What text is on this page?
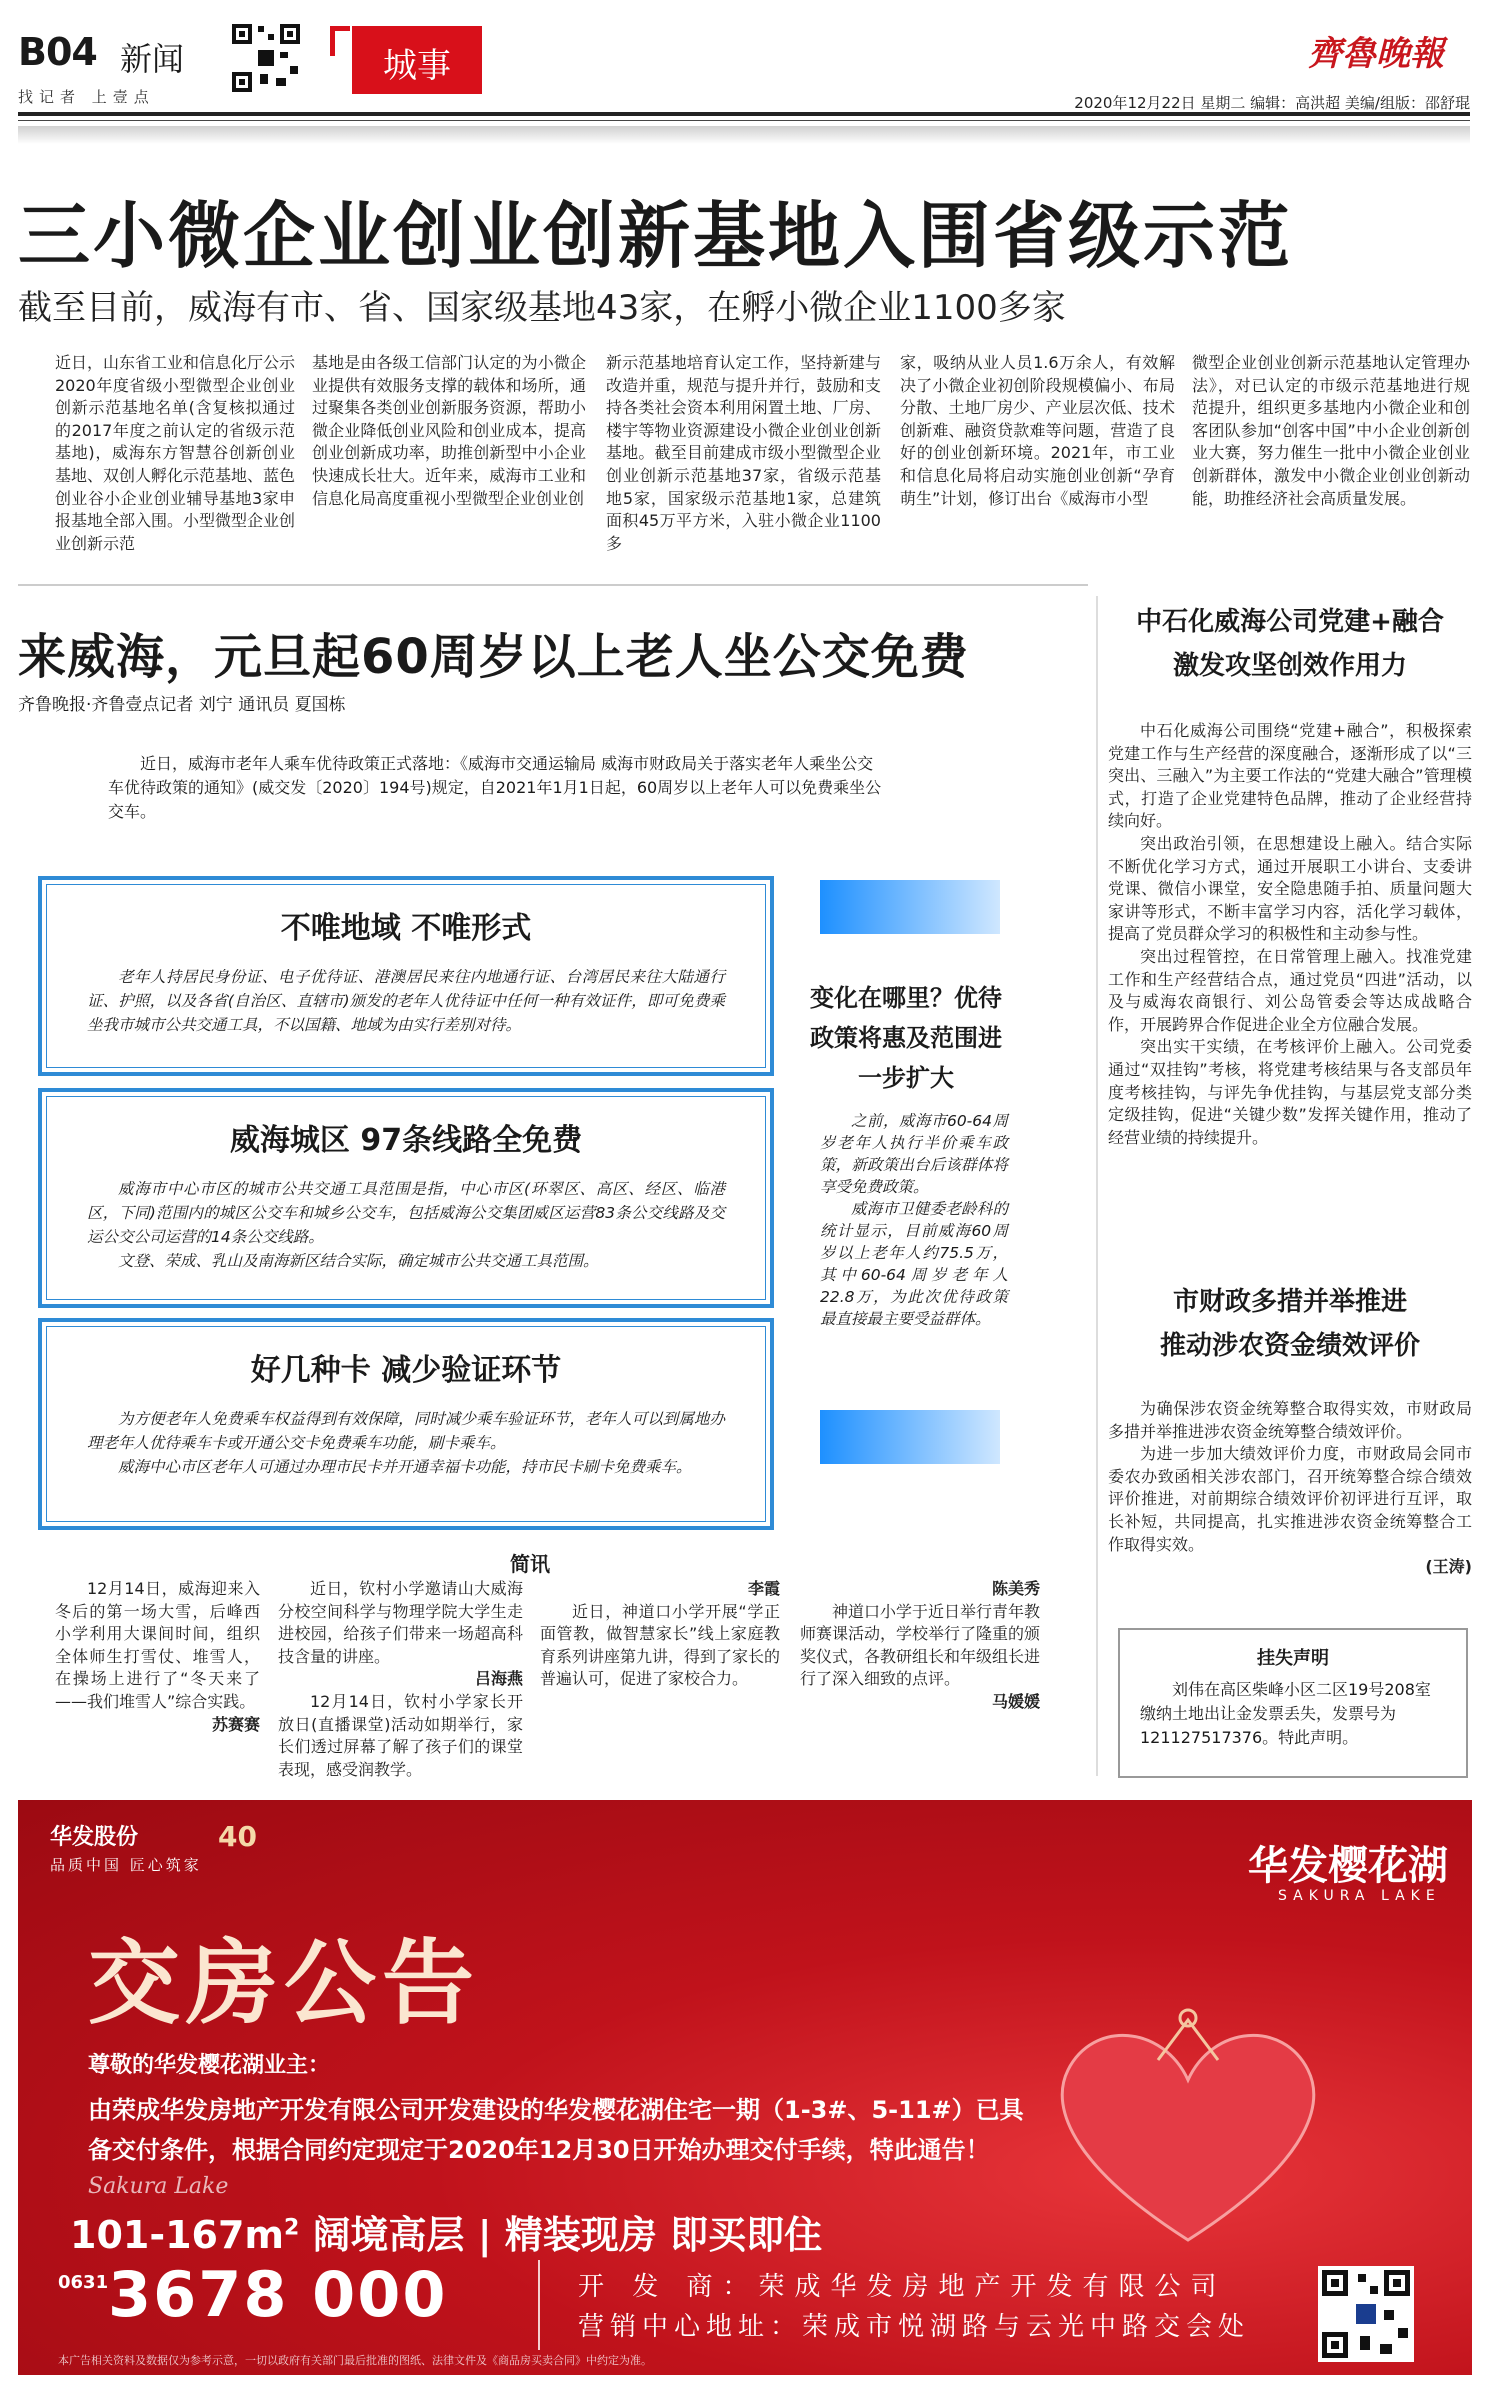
B04 新闻
找记者 上壹点
城事	齊魯晚報
2020年12月22日 星期二 编辑：高洪超 美编/组版：邵舒琨
三小微企业创业创新基地入围省级示范
截至目前，威海有市、省、国家级基地43家，在孵小微企业1100多家
近日，山东省工业和信息化厅公示2020年度省级小型微型企业创业创新示范基地名单(含复核拟通过的2017年度之前认定的省级示范基地)，威海东方智慧谷创新创业基地、双创人孵化示范基地、蓝色创业谷小企业创业辅导基地3家申报基地全部入围。小型微型企业创业创新示范
基地是由各级工信部门认定的为小微企业提供有效服务支撑的载体和场所，通过聚集各类创业创新服务资源，帮助小微企业降低创业风险和创业成本，提高创业创新成功率，助推创新型中小企业快速成长壮大。近年来，威海市工业和信息化局高度重视小型微型企业创业创
新示范基地培育认定工作，坚持新建与改造并重，规范与提升并行，鼓励和支持各类社会资本利用闲置土地、厂房、楼宇等物业资源建设小微企业创业创新基地。截至目前建成市级小型微型企业创业创新示范基地37家，省级示范基地5家，国家级示范基地1家，总建筑面积45万平方米，入驻小微企业1100多
家，吸纳从业人员1.6万余人，有效解决了小微企业初创阶段规模偏小、布局分散、土地厂房少、产业层次低、技术创新难、融资贷款难等问题，营造了良好的创业创新环境。2021年，市工业和信息化局将启动实施创业创新“孕育萌生”计划，修订出台《威海市小型
微型企业创业创新示范基地认定管理办法》，对已认定的市级示范基地进行规范提升，组织更多基地内小微企业和创客团队参加“创客中国”中小企业创新创业大赛，努力催生一批中小微企业创业创新群体，激发中小微企业创业创新动能，助推经济社会高质量发展。
来威海，元旦起60周岁以上老人坐公交免费
齐鲁晚报·齐鲁壹点记者 刘宁 通讯员 夏国栋
近日，威海市老年人乘车优待政策正式落地：《威海市交通运输局 威海市财政局关于落实老年人乘坐公交车优待政策的通知》(威交发〔2020〕194号)规定，自2021年1月1日起，60周岁以上老年人可以免费乘坐公交车。
不唯地域 不唯形式

老年人持居民身份证、电子优待证、港澳居民来往内地通行证、台湾居民来往大陆通行证、护照，以及各省(自治区、直辖市)颁发的老年人优待证中任何一种有效证件，即可免费乘坐我市城市公共交通工具，不以国籍、地域为由实行差别对待。

威海城区 97条线路全免费

威海市中心市区的城市公共交通工具范围是指，中心市区(环翠区、高区、经区、临港区，下同)范围内的城区公交车和城乡公交车，包括威海公交集团威区运营83条公交线路及交运公交公司运营的14条公交线路。

文登、荣成、乳山及南海新区结合实际，确定城市公共交通工具范围。

好几种卡 减少验证环节

为方便老年人免费乘车权益得到有效保障，同时减少乘车验证环节，老年人可以到属地办理老年人优待乘车卡或开通公交卡免费乘车功能，刷卡乘车。

威海中心市区老年人可通过办理市民卡并开通幸福卡功能，持市民卡刷卡免费乘车。

变化在哪里？优待政策将惠及范围进一步扩大

之前，威海市60-64周岁老年人执行半价乘车政策，新政策出台后该群体将享受免费政策。

威海市卫健委老龄科的统计显示，目前威海60周岁以上老年人约75.5万，其中60-64周岁老年人22.8万，为此次优待政策最直接最主要受益群体。

简讯

12月14日，威海迎来入冬后的第一场大雪，后峰西小学利用大课间时间，组织全体师生打雪仗、堆雪人，在操场上进行了“冬天来了——我们堆雪人”综合实践。

苏赛赛

近日，钦村小学邀请山大威海分校空间科学与物理学院大学生走进校园，给孩子们带来一场超高科技含量的讲座。

吕海燕

12月14日，钦村小学家长开放日(直播课堂)活动如期举行，家长们透过屏幕了解了孩子们的课堂表现，感受润教学。

李霞

近日，神道口小学开展“学正面管教，做智慧家长”线上家庭教育系列讲座第九讲，得到了家长的普遍认可，促进了家校合力。

陈美秀

神道口小学于近日举行青年教师赛课活动，学校举行了隆重的颁奖仪式，各教研组长和年级组长进行了深入细致的点评。

马媛媛
中石化威海公司党建+融合
激发攻坚创效作用力

中石化威海公司围绕“党建+融合”，积极探索党建工作与生产经营的深度融合，逐渐形成了以“三突出、三融入”为主要工作法的“党建大融合”管理模式，打造了企业党建特色品牌，推动了企业经营持续向好。

突出政治引领，在思想建设上融入。结合实际不断优化学习方式，通过开展职工小讲台、支委讲党课、微信小课堂，安全隐患随手拍、质量问题大家讲等形式，不断丰富学习内容，活化学习载体，提高了党员群众学习的积极性和主动参与性。

突出过程管控，在日常管理上融入。找准党建工作和生产经营结合点，通过党员“四进”活动，以及与威海农商银行、刘公岛管委会等达成战略合作，开展跨界合作促进企业全方位融合发展。

突出实干实绩，在考核评价上融入。公司党委通过“双挂钩”考核，将党建考核结果与各支部员年度考核挂钩，与评先争优挂钩，与基层党支部分类定级挂钩，促进“关键少数”发挥关键作用，推动了经营业绩的持续提升。

市财政多措并举推进
推动涉农资金绩效评价

为确保涉农资金统筹整合取得实效，市财政局多措并举推进涉农资金统筹整合绩效评价。

为进一步加大绩效评价力度，市财政局会同市委农办致函相关涉农部门，召开统筹整合综合绩效评价推进，对前期综合绩效评价初评进行互评，取长补短，共同提高，扎实推进涉农资金统筹整合工作取得实效。

(王涛)
挂失声明
刘伟在高区柴峰小区二区19号208室缴纳土地出让金发票丢失，发票号为121127517376。特此声明。
华发股份	40
品质中国 匠心筑家
交房公告
华发樱花湖
SAKURA LAKE
尊敬的华发樱花湖业主：
由荣成华发房地产开发有限公司开发建设的华发樱花湖住宅一期（1-3#、5-11#）已具
备交付条件，根据合同约定现定于2020年12月30日开始办理交付手续，特此通告！
Sakura Lake
$101-167m^2$ 阔境高层 | 精装现房 即买即住
0631 3678 000	开 发 商：荣成华发房地产开发有限公司
营销中心地址：荣成市悦湖路与云光中路交会处
本广告相关资料及数据仅为参考示意，一切以政府有关部门最后批准的图纸、法律文件及《商品房买卖合同》中约定为准。
